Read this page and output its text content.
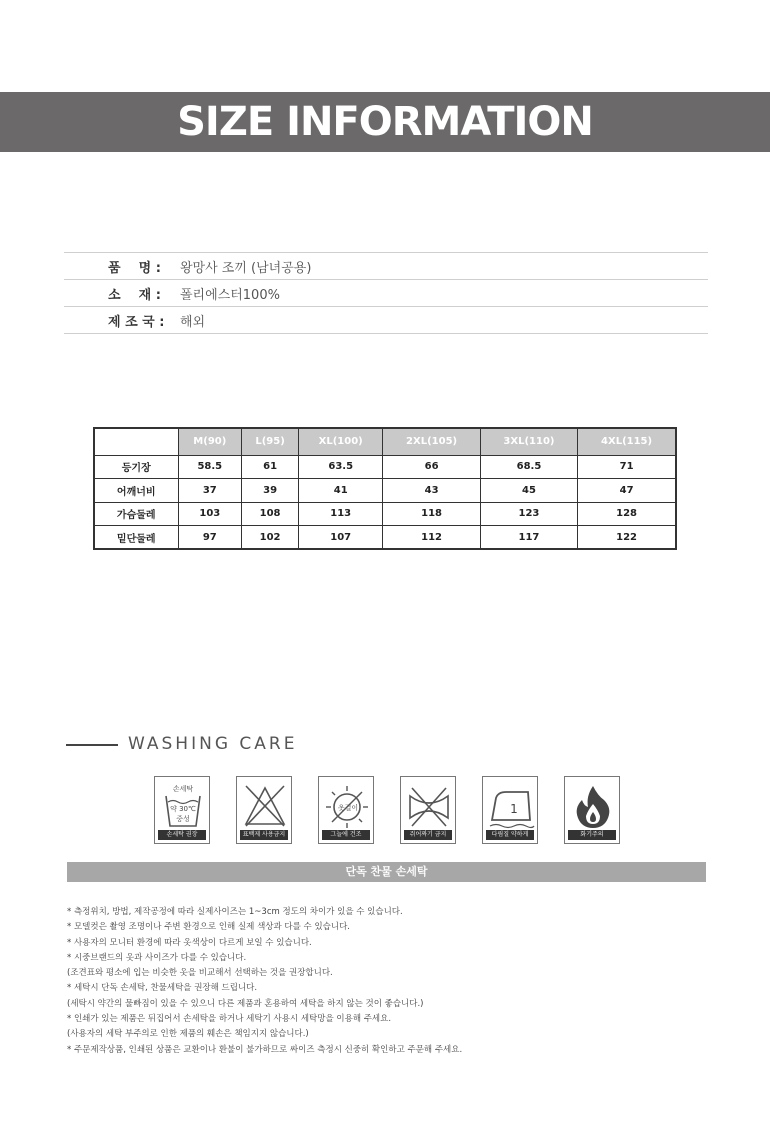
SIZE INFORMATION
품    명 :	왕망사 조끼 (남녀공용)
소    재 :	폴리에스터100%
제 조 국 :	해외
	M(90)	L(95)	XL(100)	2XL(105)	3XL(110)	4XL(115)
등기장	58.5	61	63.5	66	68.5	71
어깨너비	37	39	41	43	45	47
가슴둘레	103	108	113	118	123	128
밑단둘레	97	102	107	112	117	122
WASHING CARE
손세탁
약 30℃
중성
손세탁 권장	표백제 사용금지
옷걸이
그늘에 건조	쥐어짜기 금지
1
다림질 약하게	화기주의
단독 찬물 손세탁

* 측정위치, 방법, 제작공정에 따라 실제사이즈는 1~3cm 정도의 차이가 있을 수 있습니다.

* 모델컷은 촬영 조명이나 주변 환경으로 인해 실제 색상과 다를 수 있습니다.

* 사용자의 모니터 환경에 따라 옷색상이 다르게 보일 수 있습니다.

* 시중브랜드의 옷과 사이즈가 다를 수 있습니다.

(조견표와 평소에 입는 비슷한 옷을 비교해서 선택하는 것을 권장합니다.

* 세탁시 단독 손세탁, 찬물세탁을 권장해 드립니다.

(세탁시 약간의 물빠짐이 있을 수 있으니 다른 제품과 혼용하여 세탁을 하지 않는 것이 좋습니다.)

* 인쇄가 있는 제품은 뒤집어서 손세탁을 하거나 세탁기 사용시 세탁망을 이용해 주세요.

(사용자의 세탁 부주의로 인한 제품의 훼손은 책임지지 않습니다.)

* 주문제작상품, 인쇄된 상품은 교환이나 환불이 불가하므로 싸이즈 측정시 신중히 확인하고 주문해 주세요.
